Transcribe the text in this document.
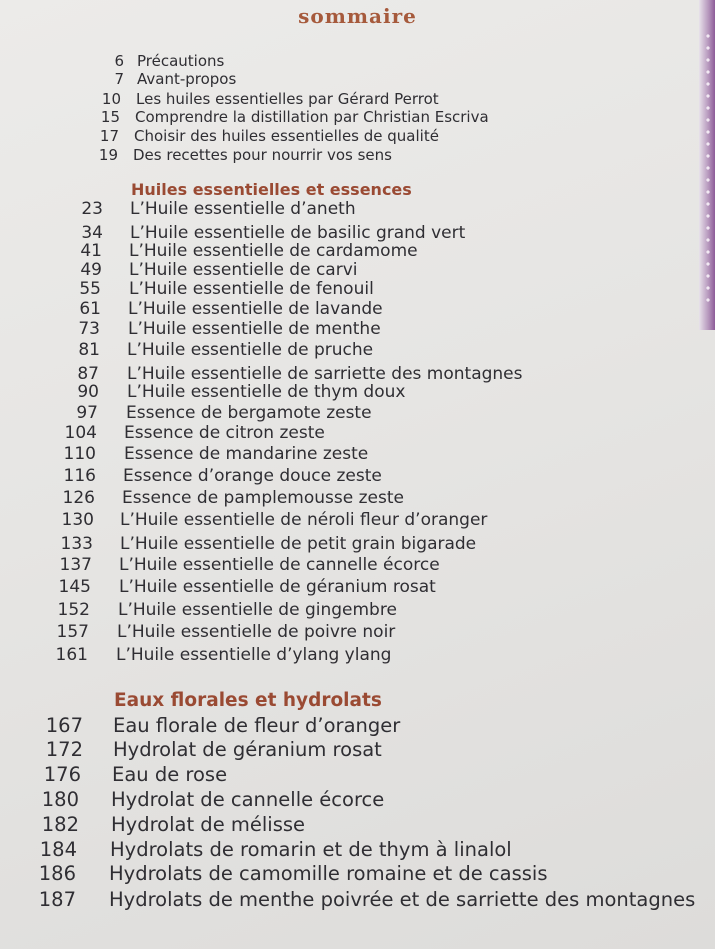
sommaire
6 Précautions
7 Avant-propos
10 Les huiles essentielles par Gérard Perrot
15 Comprendre la distillation par Christian Escriva
17 Choisir des huiles essentielles de qualité
19 Des recettes pour nourrir vos sens
Huiles essentielles et essences
23 L’Huile essentielle d’aneth
34 L’Huile essentielle de basilic grand vert
41 L’Huile essentielle de cardamome
49 L’Huile essentielle de carvi
55 L’Huile essentielle de fenouil
61 L’Huile essentielle de lavande
73 L’Huile essentielle de menthe
81 L’Huile essentielle de pruche
87 L’Huile essentielle de sarriette des montagnes
90 L’Huile essentielle de thym doux
97 Essence de bergamote zeste
104 Essence de citron zeste
110 Essence de mandarine zeste
116 Essence d’orange douce zeste
126 Essence de pamplemousse zeste
130 L’Huile essentielle de néroli fleur d’oranger
133 L’Huile essentielle de petit grain bigarade
137 L’Huile essentielle de cannelle écorce
145 L’Huile essentielle de géranium rosat
152 L’Huile essentielle de gingembre
157 L’Huile essentielle de poivre noir
161 L’Huile essentielle d’ylang ylang
Eaux florales et hydrolats
167 Eau florale de fleur d’oranger
172 Hydrolat de géranium rosat
176 Eau de rose
180 Hydrolat de cannelle écorce
182 Hydrolat de mélisse
184 Hydrolats de romarin et de thym à linalol
186 Hydrolats de camomille romaine et de cassis
187 Hydrolats de menthe poivrée et de sarriette des montagnes
